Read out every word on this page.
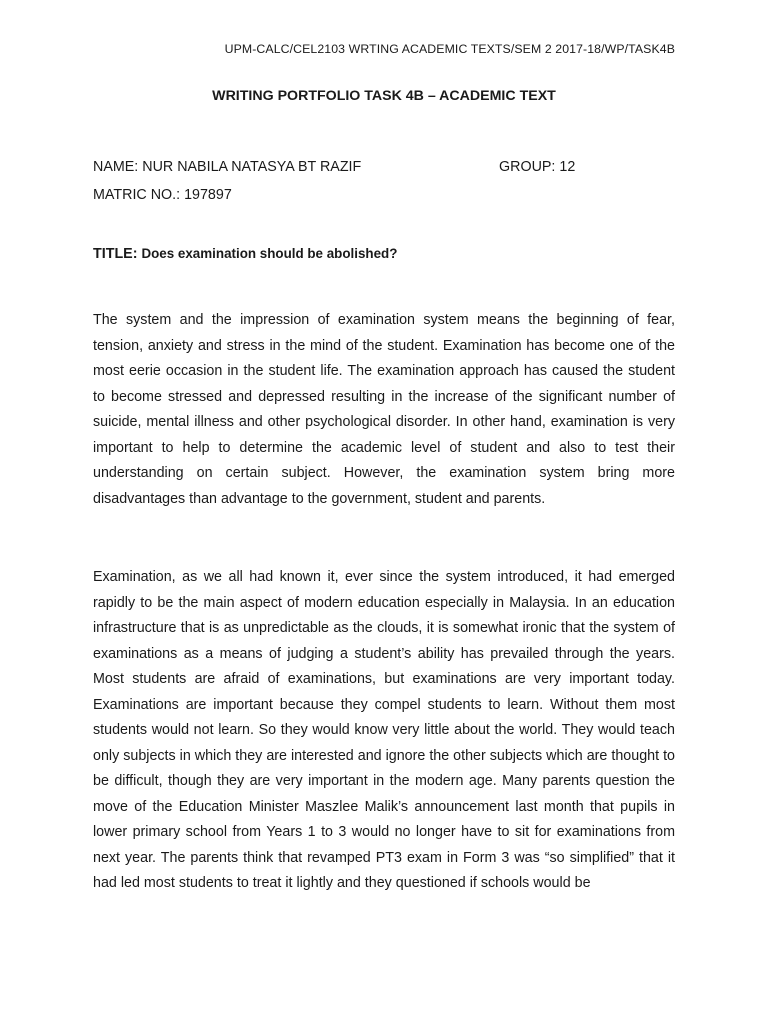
UPM-CALC/CEL2103 WRTING ACADEMIC TEXTS/SEM 2 2017-18/WP/TASK4B
WRITING PORTFOLIO TASK 4B – ACADEMIC TEXT
NAME: NUR NABILA NATASYA BT RAZIF	GROUP: 12
MATRIC NO.: 197897
TITLE: Does examination should be abolished?

The system and the impression of examination system means the beginning of fear, tension, anxiety and stress in the mind of the student. Examination has become one of the most eerie occasion in the student life. The examination approach has caused the student to become stressed and depressed resulting in the increase of the significant number of suicide, mental illness and other psychological disorder. In other hand, examination is very important to help to determine the academic level of student and also to test their understanding on certain subject. However, the examination system bring more disadvantages than advantage to the government, student and parents.

Examination, as we all had known it, ever since the system introduced, it had emerged rapidly to be the main aspect of modern education especially in Malaysia. In an education infrastructure that is as unpredictable as the clouds, it is somewhat ironic that the system of examinations as a means of judging a student’s ability has prevailed through the years. Most students are afraid of examinations, but examinations are very important today. Examinations are important because they compel students to learn. Without them most students would not learn. So they would know very little about the world. They would teach only subjects in which they are interested and ignore the other subjects which are thought to be difficult, though they are very important in the modern age. Many parents question the move of the Education Minister Maszlee Malik’s announcement last month that pupils in lower primary school from Years 1 to 3 would no longer have to sit for examinations from next year. The parents think that revamped PT3 exam in Form 3 was “so simplified” that it had led most students to treat it lightly and they questioned if schools would be
